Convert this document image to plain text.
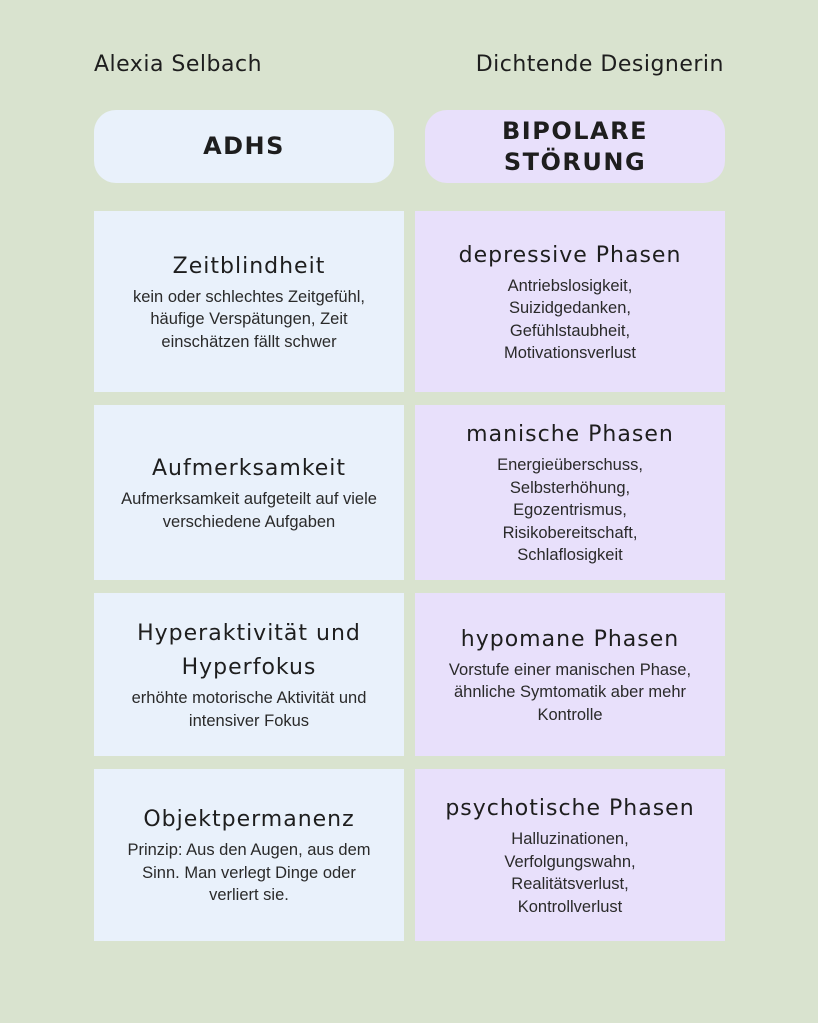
Alexia Selbach	Dichtende Designerin
ADHS
BIPOLARE
STÖRUNG
Zeitblindheit
kein oder schlechtes Zeitgefühl,
häufige Verspätungen, Zeit
einschätzen fällt schwer
depressive Phasen
Antriebslosigkeit,
Suizidgedanken,
Gefühlstaubheit,
Motivationsverlust
Aufmerksamkeit
Aufmerksamkeit aufgeteilt auf viele
verschiedene Aufgaben
manische Phasen
Energieüberschuss,
Selbsterhöhung,
Egozentrismus,
Risikobereitschaft,
Schlaflosigkeit
Hyperaktivität und Hyperfokus
erhöhte motorische Aktivität und
intensiver Fokus
hypomane Phasen
Vorstufe einer manischen Phase,
ähnliche Symtomatik aber mehr
Kontrolle
Objektpermanenz
Prinzip: Aus den Augen, aus dem
Sinn. Man verlegt Dinge oder
verliert sie.
psychotische Phasen
Halluzinationen,
Verfolgungswahn,
Realitätsverlust,
Kontrollverlust
